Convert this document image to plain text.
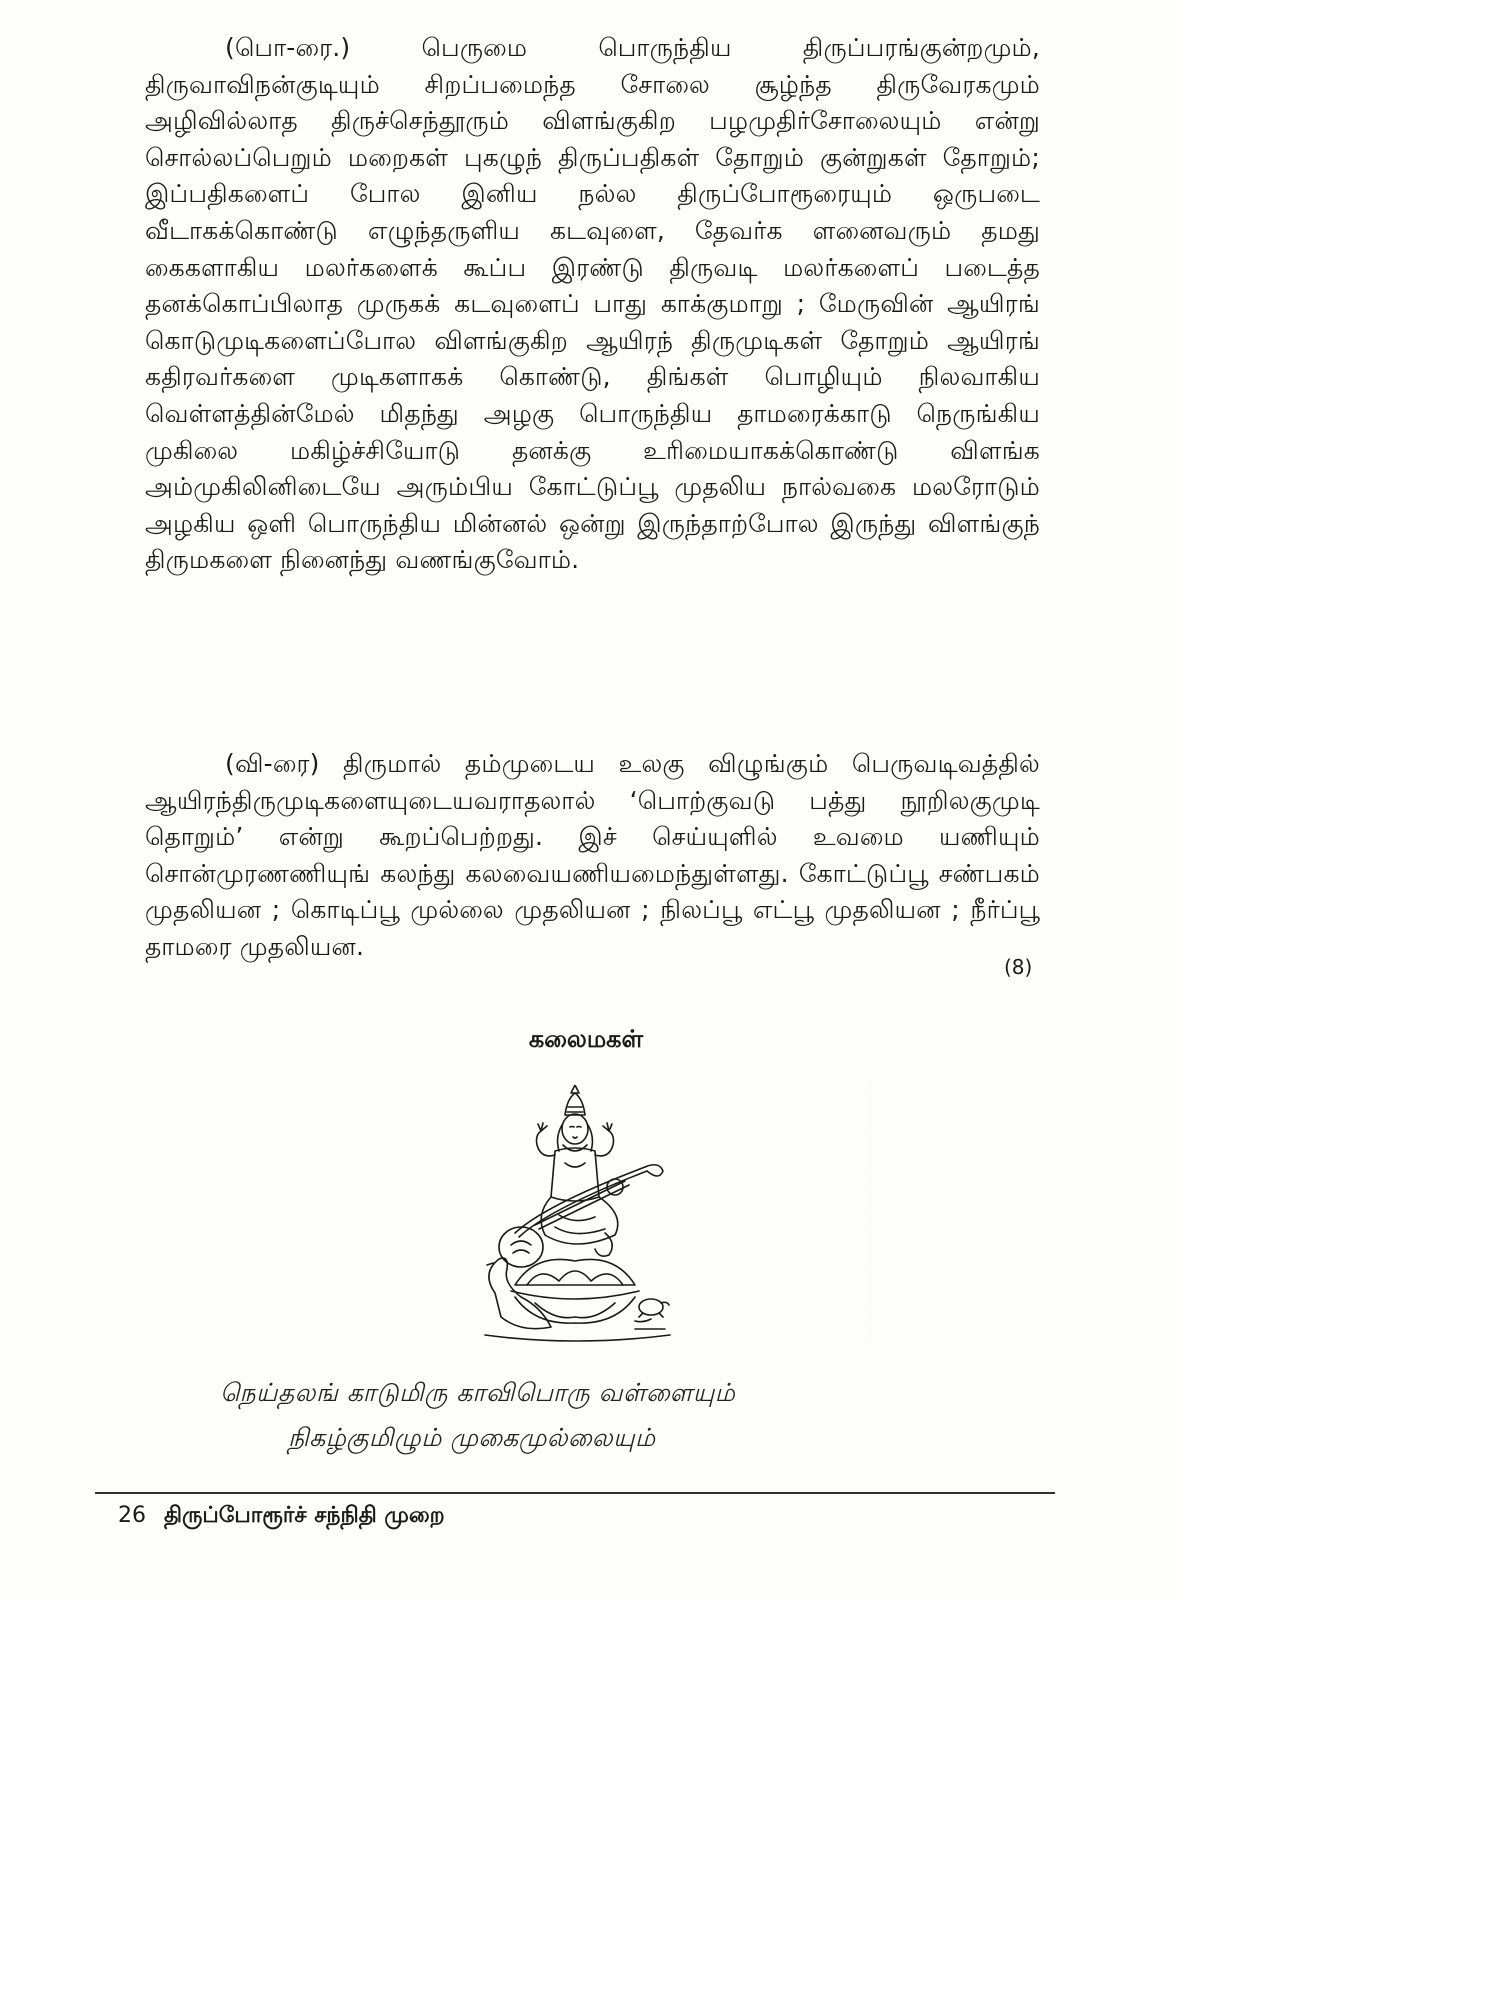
(பொ-ரை.) பெருமை பொருந்திய திருப்பரங்குன்றமும், திருவாவிநன்குடியும் சிறப்பமைந்த சோலை சூழ்ந்த திருவேரகமும் அழிவில்லாத திருச்செந்தூரும் விளங்குகிற பழமுதிர்சோலையும் என்று சொல்லப்பெறும் மறைகள் புகழுந் திருப்பதிகள் தோறும் குன்றுகள் தோறும்; இப்பதிகளைப் போல இனிய நல்ல திருப்போரூரையும் ஒருபடை வீடாகக்கொண்டு எழுந்தருளிய கடவுளை, தேவர்க ளனைவரும் தமது கைகளாகிய மலர்களைக் கூப்ப இரண்டு திருவடி மலர்களைப் படைத்த தனக்கொப்பிலாத முருகக் கடவுளைப் பாது காக்குமாறு ; மேருவின் ஆயிரங் கொடுமுடிகளைப்போல விளங்குகிற ஆயிரந் திருமுடிகள் தோறும் ஆயிரங் கதிரவர்களை முடிகளாகக் கொண்டு, திங்கள் பொழியும் நிலவாகிய வெள்ளத்தின்மேல் மிதந்து அழகு பொருந்திய தாமரைக்காடு நெருங்கிய முகிலை மகிழ்ச்சியோடு தனக்கு உரிமையாகக்கொண்டு விளங்க அம்முகிலினிடையே அரும்பிய கோட்டுப்பூ முதலிய நால்வகை மலரோடும் அழகிய ஒளி பொருந்திய மின்னல் ஒன்று இருந்தாற்போல இருந்து விளங்குந் திருமகளை நினைந்து வணங்குவோம்.
(வி-ரை) திருமால் தம்முடைய உலகு விழுங்கும் பெருவடிவத்தில் ஆயிரந்திருமுடிகளையுடையவராதலால் ‘பொற்குவடு பத்து நூறிலகுமுடி தொறும்’ என்று கூறப்பெற்றது. இச் செய்யுளில் உவமை யணியும் சொன்முரணணியுங் கலந்து கலவையணியமைந்துள்ளது. கோட்டுப்பூ சண்பகம் முதலியன ; கொடிப்பூ முல்லை முதலியன ; நிலப்பூ எட்பூ முதலியன ; நீர்ப்பூ தாமரை முதலியன.
(8)
கலைமகள்
நெய்தலங் காடுமிரு காவிபொரு வள்ளையும்
நிகழ்குமிழும் முகைமுல்லையும்
26 திருப்போரூர்ச் சந்நிதி முறை
